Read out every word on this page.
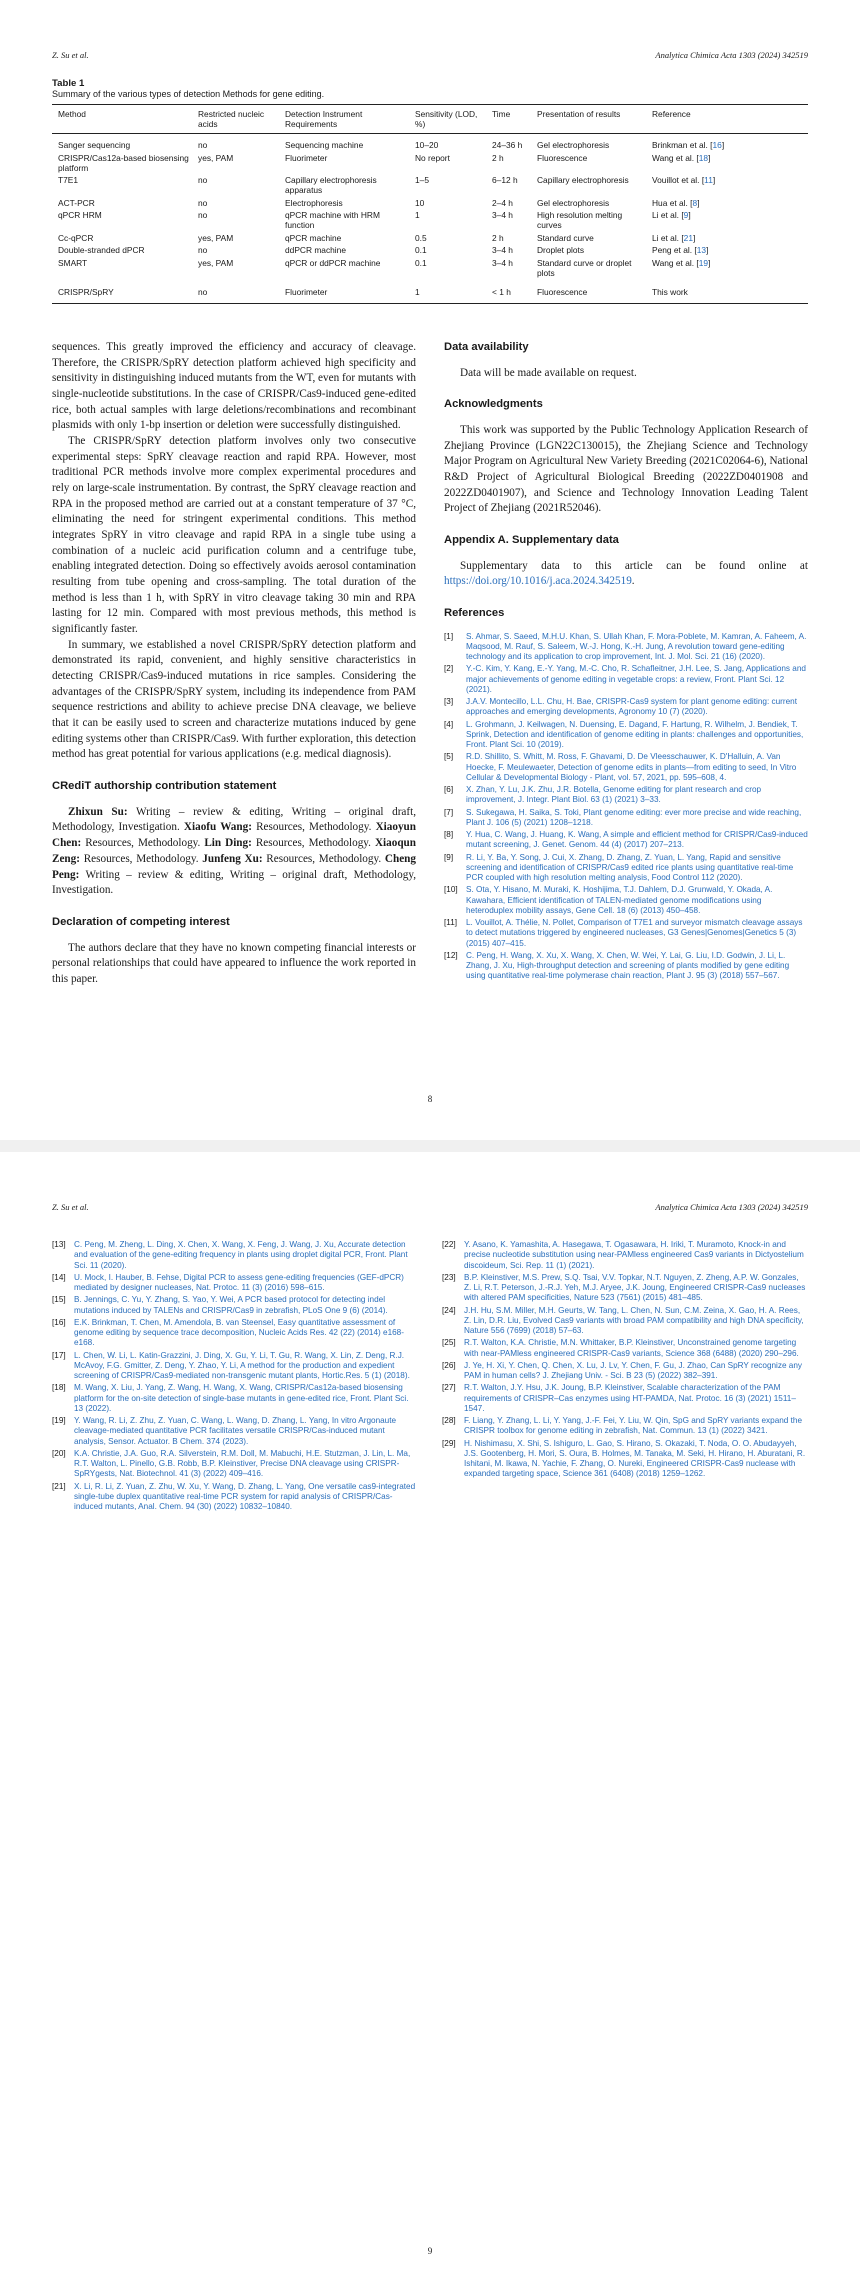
Z. Su et al.	Analytica Chimica Acta 1303 (2024) 342519
Table 1
Summary of the various types of detection Methods for gene editing.
Method	Restricted nucleic acids	Detection Instrument Requirements	Sensitivity (LOD, %)	Time	Presentation of results	Reference
Sanger sequencing	no	Sequencing machine	10–20	24–36 h	Gel electrophoresis	Brinkman et al. [16]
CRISPR/Cas12a-based biosensing platform	yes, PAM	Fluorimeter	No report	2 h	Fluorescence	Wang et al. [18]
T7E1	no	Capillary electrophoresis apparatus	1–5	6–12 h	Capillary electrophoresis	Vouillot et al. [11]
ACT-PCR	no	Electrophoresis	10	2–4 h	Gel electrophoresis	Hua et al. [8]
qPCR HRM	no	qPCR machine with HRM function	1	3–4 h	High resolution melting curves	Li et al. [9]
Cc-qPCR	yes, PAM	qPCR machine	0.5	2 h	Standard curve	Li et al. [21]
Double-stranded dPCR	no	ddPCR machine	0.1	3–4 h	Droplet plots	Peng et al. [13]
SMART	yes, PAM	qPCR or ddPCR machine	0.1	3–4 h	Standard curve or droplet plots	Wang et al. [19]
CRISPR/SpRY	no	Fluorimeter	1	< 1 h	Fluorescence	This work

sequences. This greatly improved the efficiency and accuracy of cleavage. Therefore, the CRISPR/SpRY detection platform achieved high specificity and sensitivity in distinguishing induced mutants from the WT, even for mutants with single-nucleotide substitutions. In the case of CRISPR/Cas9-induced gene-edited rice, both actual samples with large deletions/recombinations and recombinant plasmids with only 1-bp insertion or deletion were successfully distinguished.

The CRISPR/SpRY detection platform involves only two consecutive experimental steps: SpRY cleavage reaction and rapid RPA. However, most traditional PCR methods involve more complex experimental procedures and rely on large-scale instrumentation. By contrast, the SpRY cleavage reaction and RPA in the proposed method are carried out at a constant temperature of 37 °C, eliminating the need for stringent experimental conditions. This method integrates SpRY in vitro cleavage and rapid RPA in a single tube using a combination of a nucleic acid purification column and a centrifuge tube, enabling integrated detection. Doing so effectively avoids aerosol contamination resulting from tube opening and cross-sampling. The total duration of the method is less than 1 h, with SpRY in vitro cleavage taking 30 min and RPA lasting for 12 min. Compared with most previous methods, this method is significantly faster.

In summary, we established a novel CRISPR/SpRY detection platform and demonstrated its rapid, convenient, and highly sensitive characteristics in detecting CRISPR/Cas9-induced mutations in rice samples. Considering the advantages of the CRISPR/SpRY system, including its independence from PAM sequence restrictions and ability to achieve precise DNA cleavage, we believe that it can be easily used to screen and characterize mutations induced by gene editing systems other than CRISPR/Cas9. With further exploration, this detection method has great potential for various applications (e.g. medical diagnosis).

CRediT authorship contribution statement

Zhixun Su: Writing – review & editing, Writing – original draft, Methodology, Investigation. Xiaofu Wang: Resources, Methodology. Xiaoyun Chen: Resources, Methodology. Lin Ding: Resources, Methodology. Xiaoqun Zeng: Resources, Methodology. Junfeng Xu: Resources, Methodology. Cheng Peng: Writing – review & editing, Writing – original draft, Methodology, Investigation.

Declaration of competing interest

The authors declare that they have no known competing financial interests or personal relationships that could have appeared to influence the work reported in this paper.

Data availability

Data will be made available on request.

Acknowledgments

This work was supported by the Public Technology Application Research of Zhejiang Province (LGN22C130015), the Zhejiang Science and Technology Major Program on Agricultural New Variety Breeding (2021C02064-6), National R&D Project of Agricultural Biological Breeding (2022ZD0401908 and 2022ZD0401907), and Science and Technology Innovation Leading Talent Project of Zhejiang (2021R52046).

Appendix A. Supplementary data

Supplementary data to this article can be found online at https://doi.org/10.1016/j.aca.2024.342519.

References
[1]	S. Ahmar, S. Saeed, M.H.U. Khan, S. Ullah Khan, F. Mora-Poblete, M. Kamran, A. Faheem, A. Maqsood, M. Rauf, S. Saleem, W.-J. Hong, K.-H. Jung, A revolution toward gene-editing technology and its application to crop improvement, Int. J. Mol. Sci. 21 (16) (2020).
[2]	Y.-C. Kim, Y. Kang, E.-Y. Yang, M.-C. Cho, R. Schafleitner, J.H. Lee, S. Jang, Applications and major achievements of genome editing in vegetable crops: a review, Front. Plant Sci. 12 (2021).
[3]	J.A.V. Montecillo, L.L. Chu, H. Bae, CRISPR-Cas9 system for plant genome editing: current approaches and emerging developments, Agronomy 10 (7) (2020).
[4]	L. Grohmann, J. Keilwagen, N. Duensing, E. Dagand, F. Hartung, R. Wilhelm, J. Bendiek, T. Sprink, Detection and identification of genome editing in plants: challenges and opportunities, Front. Plant Sci. 10 (2019).
[5]	R.D. Shillito, S. Whitt, M. Ross, F. Ghavami, D. De Vleesschauwer, K. D'Halluin, A. Van Hoecke, F. Meulewaeter, Detection of genome edits in plants—from editing to seed, In Vitro Cellular & Developmental Biology - Plant, vol. 57, 2021, pp. 595–608, 4.
[6]	X. Zhan, Y. Lu, J.K. Zhu, J.R. Botella, Genome editing for plant research and crop improvement, J. Integr. Plant Biol. 63 (1) (2021) 3–33.
[7]	S. Sukegawa, H. Saika, S. Toki, Plant genome editing: ever more precise and wide reaching, Plant J. 106 (5) (2021) 1208–1218.
[8]	Y. Hua, C. Wang, J. Huang, K. Wang, A simple and efficient method for CRISPR/Cas9-induced mutant screening, J. Genet. Genom. 44 (4) (2017) 207–213.
[9]	R. Li, Y. Ba, Y. Song, J. Cui, X. Zhang, D. Zhang, Z. Yuan, L. Yang, Rapid and sensitive screening and identification of CRISPR/Cas9 edited rice plants using quantitative real-time PCR coupled with high resolution melting analysis, Food Control 112 (2020).
[10]	S. Ota, Y. Hisano, M. Muraki, K. Hoshijima, T.J. Dahlem, D.J. Grunwald, Y. Okada, A. Kawahara, Efficient identification of TALEN-mediated genome modifications using heteroduplex mobility assays, Gene Cell. 18 (6) (2013) 450–458.
[11]	L. Vouillot, A. Thélie, N. Pollet, Comparison of T7E1 and surveyor mismatch cleavage assays to detect mutations triggered by engineered nucleases, G3 Genes|Genomes|Genetics 5 (3) (2015) 407–415.
[12]	C. Peng, H. Wang, X. Xu, X. Wang, X. Chen, W. Wei, Y. Lai, G. Liu, I.D. Godwin, J. Li, L. Zhang, J. Xu, High-throughput detection and screening of plants modified by gene editing using quantitative real-time polymerase chain reaction, Plant J. 95 (3) (2018) 557–567.
8
Z. Su et al.	Analytica Chimica Acta 1303 (2024) 342519
[13]	C. Peng, M. Zheng, L. Ding, X. Chen, X. Wang, X. Feng, J. Wang, J. Xu, Accurate detection and evaluation of the gene-editing frequency in plants using droplet digital PCR, Front. Plant Sci. 11 (2020).
[14]	U. Mock, I. Hauber, B. Fehse, Digital PCR to assess gene-editing frequencies (GEF-dPCR) mediated by designer nucleases, Nat. Protoc. 11 (3) (2016) 598–615.
[15]	B. Jennings, C. Yu, Y. Zhang, S. Yao, Y. Wei, A PCR based protocol for detecting indel mutations induced by TALENs and CRISPR/Cas9 in zebrafish, PLoS One 9 (6) (2014).
[16]	E.K. Brinkman, T. Chen, M. Amendola, B. van Steensel, Easy quantitative assessment of genome editing by sequence trace decomposition, Nucleic Acids Res. 42 (22) (2014) e168-e168.
[17]	L. Chen, W. Li, L. Katin-Grazzini, J. Ding, X. Gu, Y. Li, T. Gu, R. Wang, X. Lin, Z. Deng, R.J. McAvoy, F.G. Gmitter, Z. Deng, Y. Zhao, Y. Li, A method for the production and expedient screening of CRISPR/Cas9-mediated non-transgenic mutant plants, Hortic.Res. 5 (1) (2018).
[18]	M. Wang, X. Liu, J. Yang, Z. Wang, H. Wang, X. Wang, CRISPR/Cas12a-based biosensing platform for the on-site detection of single-base mutants in gene-edited rice, Front. Plant Sci. 13 (2022).
[19]	Y. Wang, R. Li, Z. Zhu, Z. Yuan, C. Wang, L. Wang, D. Zhang, L. Yang, In vitro Argonaute cleavage-mediated quantitative PCR facilitates versatile CRISPR/Cas-induced mutant analysis, Sensor. Actuator. B Chem. 374 (2023).
[20]	K.A. Christie, J.A. Guo, R.A. Silverstein, R.M. Doll, M. Mabuchi, H.E. Stutzman, J. Lin, L. Ma, R.T. Walton, L. Pinello, G.B. Robb, B.P. Kleinstiver, Precise DNA cleavage using CRISPR-SpRYgests, Nat. Biotechnol. 41 (3) (2022) 409–416.
[21]	X. Li, R. Li, Z. Yuan, Z. Zhu, W. Xu, Y. Wang, D. Zhang, L. Yang, One versatile cas9-integrated single-tube duplex quantitative real-time PCR system for rapid analysis of CRISPR/Cas-induced mutants, Anal. Chem. 94 (30) (2022) 10832–10840.
[22]	Y. Asano, K. Yamashita, A. Hasegawa, T. Ogasawara, H. Iriki, T. Muramoto, Knock-in and precise nucleotide substitution using near-PAMless engineered Cas9 variants in Dictyostelium discoideum, Sci. Rep. 11 (1) (2021).
[23]	B.P. Kleinstiver, M.S. Prew, S.Q. Tsai, V.V. Topkar, N.T. Nguyen, Z. Zheng, A.P. W. Gonzales, Z. Li, R.T. Peterson, J.-R.J. Yeh, M.J. Aryee, J.K. Joung, Engineered CRISPR-Cas9 nucleases with altered PAM specificities, Nature 523 (7561) (2015) 481–485.
[24]	J.H. Hu, S.M. Miller, M.H. Geurts, W. Tang, L. Chen, N. Sun, C.M. Zeina, X. Gao, H. A. Rees, Z. Lin, D.R. Liu, Evolved Cas9 variants with broad PAM compatibility and high DNA specificity, Nature 556 (7699) (2018) 57–63.
[25]	R.T. Walton, K.A. Christie, M.N. Whittaker, B.P. Kleinstiver, Unconstrained genome targeting with near-PAMless engineered CRISPR-Cas9 variants, Science 368 (6488) (2020) 290–296.
[26]	J. Ye, H. Xi, Y. Chen, Q. Chen, X. Lu, J. Lv, Y. Chen, F. Gu, J. Zhao, Can SpRY recognize any PAM in human cells? J. Zhejiang Univ. - Sci. B 23 (5) (2022) 382–391.
[27]	R.T. Walton, J.Y. Hsu, J.K. Joung, B.P. Kleinstiver, Scalable characterization of the PAM requirements of CRISPR–Cas enzymes using HT-PAMDA, Nat. Protoc. 16 (3) (2021) 1511–1547.
[28]	F. Liang, Y. Zhang, L. Li, Y. Yang, J.-F. Fei, Y. Liu, W. Qin, SpG and SpRY variants expand the CRISPR toolbox for genome editing in zebrafish, Nat. Commun. 13 (1) (2022) 3421.
[29]	H. Nishimasu, X. Shi, S. Ishiguro, L. Gao, S. Hirano, S. Okazaki, T. Noda, O. O. Abudayyeh, J.S. Gootenberg, H. Mori, S. Oura, B. Holmes, M. Tanaka, M. Seki, H. Hirano, H. Aburatani, R. Ishitani, M. Ikawa, N. Yachie, F. Zhang, O. Nureki, Engineered CRISPR-Cas9 nuclease with expanded targeting space, Science 361 (6408) (2018) 1259–1262.
9
